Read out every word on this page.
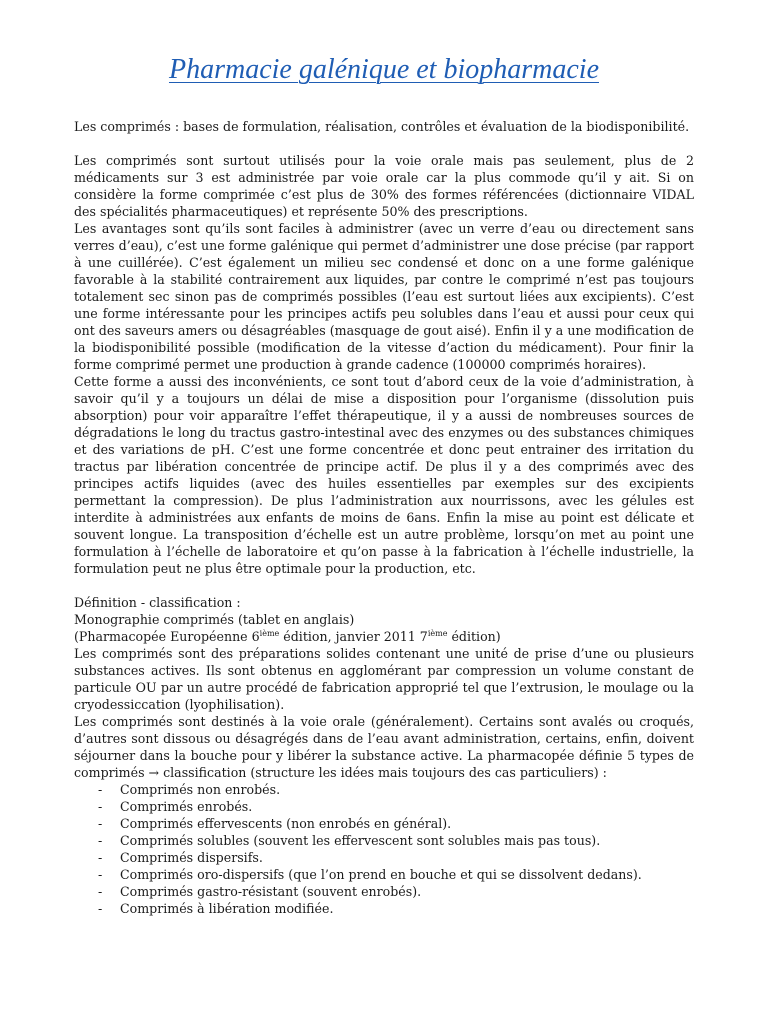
Pharmacie galénique et biopharmacie

Les comprimés : bases de formulation, réalisation, contrôles et évaluation de la biodisponibilité.

Les comprimés sont surtout utilisés pour la voie orale mais pas seulement, plus de 2 médicaments sur 3 est administrée par voie orale car la plus commode qu’il y ait. Si on considère la forme comprimée c’est plus de 30% des formes référencées (dictionnaire VIDAL des spécialités pharmaceutiques) et représente 50% des prescriptions.

Les avantages sont qu’ils sont faciles à administrer (avec un verre d’eau ou directement sans verres d’eau), c’est une forme galénique qui permet d’administrer une dose précise (par rapport à une cuillérée). C’est également un milieu sec condensé et donc on a une forme galénique favorable à la stabilité contrairement aux liquides, par contre le comprimé n’est pas toujours totalement sec sinon pas de comprimés possibles (l’eau est surtout liées aux excipients). C’est une forme intéressante pour les principes actifs peu solubles dans l’eau et aussi pour ceux qui ont des saveurs amers ou désagréables (masquage de gout aisé). Enfin il y a une modification de la biodisponibilité possible (modification de la vitesse d’action du médicament). Pour finir la forme comprimé permet une production à grande cadence (100000 comprimés horaires).

Cette forme a aussi des inconvénients, ce sont tout d’abord ceux de la voie d’administration, à savoir qu’il y a toujours un délai de mise a disposition pour l’organisme (dissolution puis absorption) pour voir apparaître l’effet thérapeutique, il y a aussi de nombreuses sources de dégradations le long du tractus gastro-intestinal avec des enzymes ou des substances chimiques et des variations de pH. C’est une forme concentrée et donc peut entrainer des irritation du tractus par libération concentrée de principe actif. De plus il y a des comprimés avec des principes actifs liquides (avec des huiles essentielles par exemples sur des excipients permettant la compression). De plus l’administration aux nourrissons, avec les gélules est interdite à administrées aux enfants de moins de 6ans. Enfin la mise au point est délicate et souvent longue. La transposition d’échelle est un autre problème, lorsqu’on met au point une formulation à l’échelle de laboratoire et qu’on passe à la fabrication à l’échelle industrielle, la formulation peut ne plus être optimale pour la production, etc.

Définition - classification :

Monographie comprimés (tablet en anglais)

(Pharmacopée Européenne 6ième édition, janvier 2011 7ième édition)

Les comprimés sont des préparations solides contenant une unité de prise d’une ou plusieurs substances actives. Ils sont obtenus en agglomérant par compression un volume constant de particule OU par un autre procédé de fabrication approprié tel que l’extrusion, le moulage ou la cryodessiccation (lyophilisation).

Les comprimés sont destinés à la voie orale (généralement). Certains sont avalés ou croqués, d’autres sont dissous ou désagrégés dans de l’eau avant administration, certains, enfin, doivent séjourner dans la bouche pour y libérer la substance active. La pharmacopée définie 5 types de comprimés → classification (structure les idées mais toujours des cas particuliers) :

- Comprimés non enrobés.
- Comprimés enrobés.
- Comprimés effervescents (non enrobés en général).
- Comprimés solubles (souvent les effervescent sont solubles mais pas tous).
- Comprimés dispersifs.
- Comprimés oro-dispersifs (que l’on prend en bouche et qui se dissolvent dedans).
- Comprimés gastro-résistant (souvent enrobés).
- Comprimés à libération modifiée.
